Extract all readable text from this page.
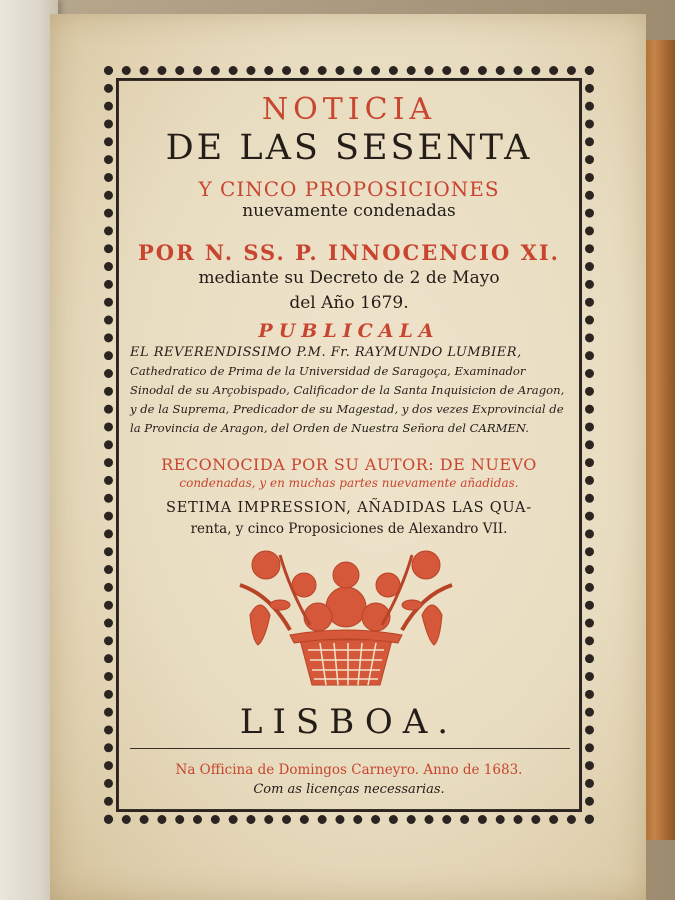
NOTICIA

DE LAS SESENTA

Y CINCO PROPOSICIONES

nuevamente condenadas

POR N. SS. P. INNOCENCIO XI.

mediante su Decreto de 2 de Mayo

del Año 1679.

PUBLICALA

EL REVERENDISSIMO P.M. Fr. RAYMUNDO LUMBIER, Cathedratico de Prima de la Universidad de Saragoça, Examinador Sinodal de su Arçobispado, Calificador de la Santa Inquisicion de Aragon, y de la Suprema, Predicador de su Magestad, y dos vezes Exprovincial de la Provincia de Aragon, del Orden de Nuestra Señora del CARMEN.

RECONOCIDA POR SU AUTOR: DE NUEVO

condenadas, y en muchas partes nuevamente añadidas.

SETIMA IMPRESSION, AÑADIDAS LAS QUA-

renta, y cinco Proposiciones de Alexandro VII.

LISBOA.

Na Officina de Domingos Carneyro. Anno de 1683.

Com as licenças necessarias.
